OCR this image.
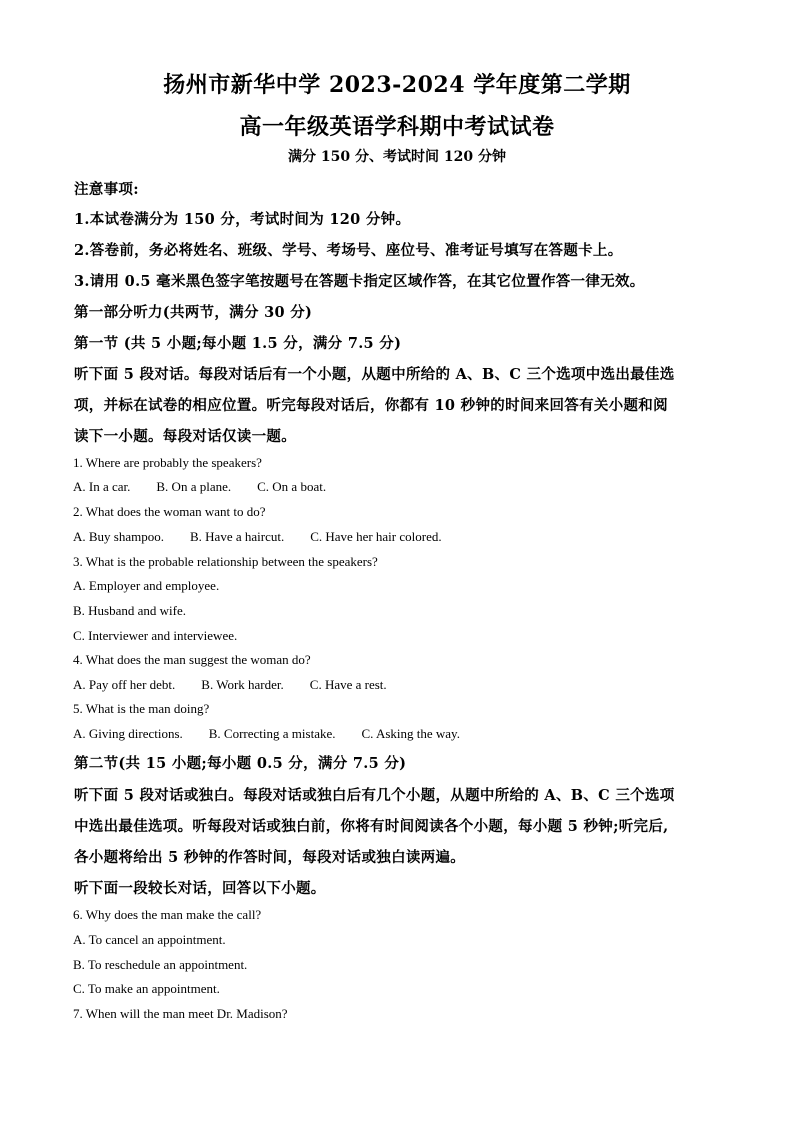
扬州市新华中学 2023-2024 学年度第二学期
高一年级英语学科期中考试试卷
满分 150 分、考试时间 120 分钟
注意事项:
1.本试卷满分为 150 分，考试时间为 120 分钟。
2.答卷前，务必将姓名、班级、学号、考场号、座位号、准考证号填写在答题卡上。
3.请用 0.5 毫米黑色签字笔按题号在答题卡指定区域作答，在其它位置作答一律无效。
第一部分听力(共两节，满分 30 分)
第一节 (共 5 小题;每小题 1.5 分，满分 7.5 分)
听下面 5 段对话。每段对话后有一个小题，从题中所给的 A、B、C 三个选项中选出最佳选
项，并标在试卷的相应位置。听完每段对话后，你都有 10 秒钟的时间来回答有关小题和阅
读下一小题。每段对话仅读一题。
1. Where are probably the speakers?
A. In a car. B. On a plane. C. On a boat.
2. What does the woman want to do?
A. Buy shampoo. B. Have a haircut. C. Have her hair colored.
3. What is the probable relationship between the speakers?
A. Employer and employee.
B. Husband and wife.
C. Interviewer and interviewee.
4. What does the man suggest the woman do?
A. Pay off her debt. B. Work harder. C. Have a rest.
5. What is the man doing?
A. Giving directions. B. Correcting a mistake. C. Asking the way.
第二节(共 15 小题;每小题 0.5 分，满分 7.5 分)
听下面 5 段对话或独白。每段对话或独白后有几个小题，从题中所给的 A、B、C 三个选项
中选出最佳选项。听每段对话或独白前，你将有时间阅读各个小题，每小题 5 秒钟;听完后,
各小题将给出 5 秒钟的作答时间，每段对话或独白读两遍。
听下面一段较长对话，回答以下小题。
6. Why does the man make the call?
A. To cancel an appointment.
B. To reschedule an appointment.
C. To make an appointment.
7. When will the man meet Dr. Madison?
